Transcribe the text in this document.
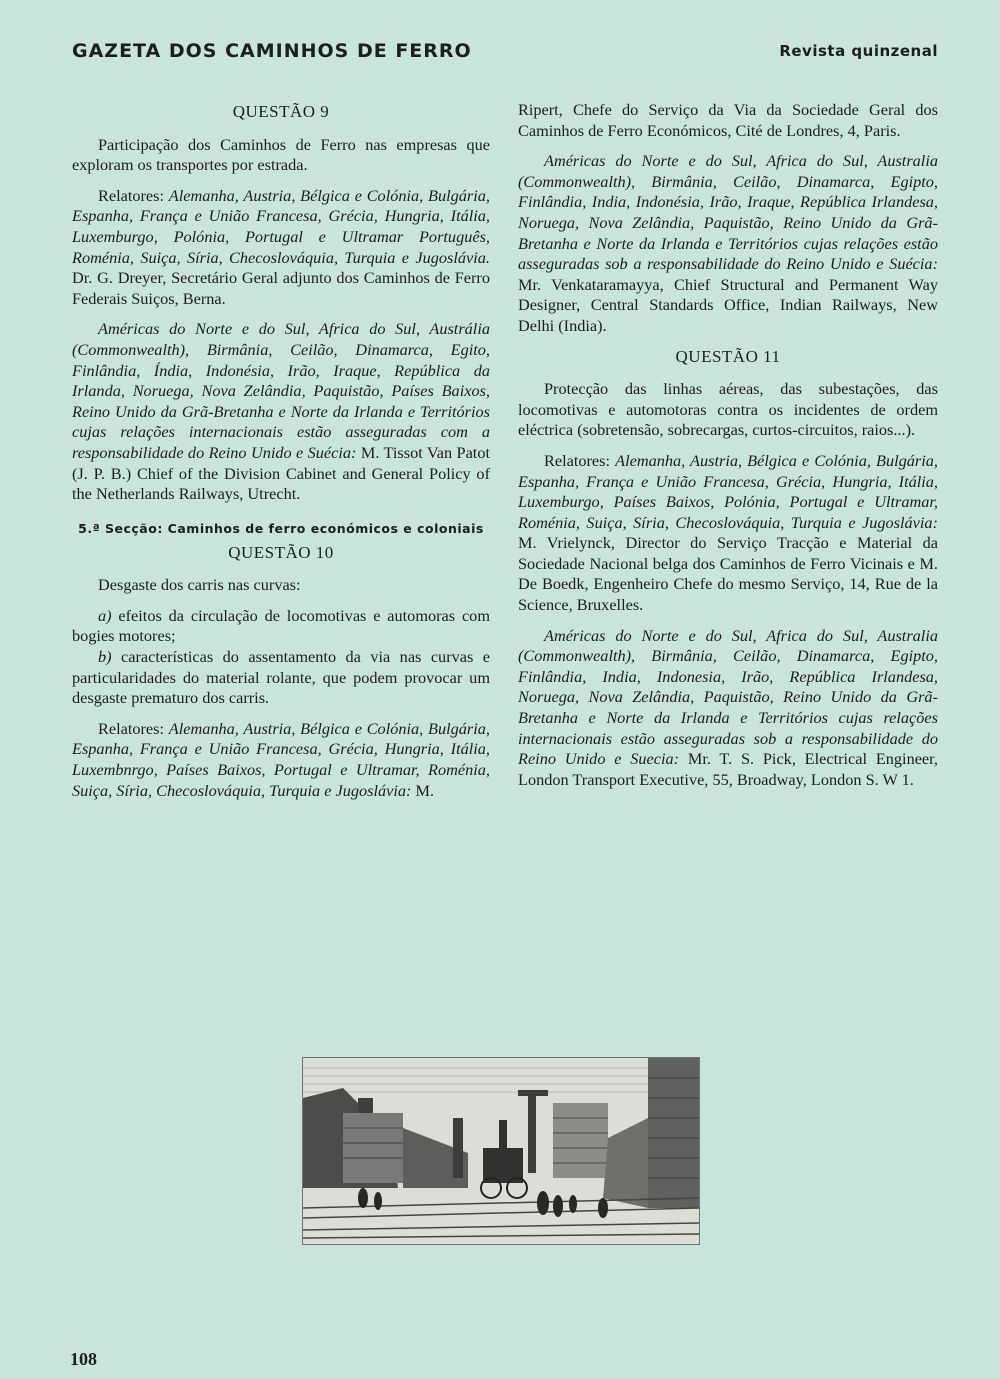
GAZETA DOS CAMINHOS DE FERRO	Revista quinzenal
QUESTÃO 9

Participação dos Caminhos de Ferro nas empresas que exploram os transportes por estrada.

Relatores: Alemanha, Austria, Bélgica e Colónia, Bulgária, Espanha, França e União Francesa, Grécia, Hungria, Itália, Luxemburgo, Polónia, Portugal e Ultramar Português, Roménia, Suiça, Síria, Checoslováquia, Turquia e Jugoslávia. Dr. G. Dreyer, Secretário Geral adjunto dos Caminhos de Ferro Federais Suiços, Berna.

Américas do Norte e do Sul, Africa do Sul, Austrália (Commonwealth), Birmânia, Ceilão, Dinamarca, Egito, Finlândia, Índia, Indonésia, Irão, Iraque, República da Irlanda, Noruega, Nova Zelândia, Paquistão, Países Baixos, Reino Unido da Grã-Bretanha e Norte da Irlanda e Territórios cujas relações internacionais estão asseguradas com a responsabilidade do Reino Unido e Suécia: M. Tissot Van Patot (J. P. B.) Chief of the Division Cabinet and General Policy of the Netherlands Railways, Utrecht.

5.ª Secção: Caminhos de ferro económicos e coloniais
QUESTÃO 10

Desgaste dos carris nas curvas:

a) efeitos da circulação de locomotivas e automoras com bogies motores;

b) características do assentamento da via nas curvas e particularidades do material rolante, que podem provocar um desgaste prematuro dos carris.

Relatores: Alemanha, Austria, Bélgica e Colónia, Bulgária, Espanha, França e União Francesa, Grécia, Hungria, Itália, Luxembnrgo, Países Baixos, Portugal e Ultramar, Roménia, Suiça, Síria, Checoslováquia, Turquia e Jugoslávia: M.

Ripert, Chefe do Serviço da Via da Sociedade Geral dos Caminhos de Ferro Económicos, Cité de Londres, 4, Paris.

Américas do Norte e do Sul, Africa do Sul, Australia (Commonwealth), Birmânia, Ceilão, Dinamarca, Egipto, Finlândia, India, Indonésia, Irão, Iraque, República Irlandesa, Noruega, Nova Zelândia, Paquistão, Reino Unido da Grã-Bretanha e Norte da Irlanda e Territórios cujas relações estão asseguradas sob a responsabilidade do Reino Unido e Suécia: Mr. Venkataramayya, Chief Structural and Permanent Way Designer, Central Standards Office, Indian Railways, New Delhi (India).

QUESTÃO 11

Protecção das linhas aéreas, das subestações, das locomotivas e automotoras contra os incidentes de ordem eléctrica (sobretensão, sobrecargas, curtos-circuitos, raios...).

Relatores: Alemanha, Austria, Bélgica e Colónia, Bulgária, Espanha, França e União Francesa, Grécia, Hungria, Itália, Luxemburgo, Países Baixos, Polónia, Portugal e Ultramar, Roménia, Suiça, Síria, Checoslováquia, Turquia e Jugoslávia: M. Vrielynck, Director do Serviço Tracção e Material da Sociedade Nacional belga dos Caminhos de Ferro Vicinais e M. De Boedk, Engenheiro Chefe do mesmo Serviço, 14, Rue de la Science, Bruxelles.

Américas do Norte e do Sul, Africa do Sul, Australia (Commonwealth), Birmânia, Ceilão, Dinamarca, Egipto, Finlândia, India, Indonesia, Irão, República Irlandesa, Noruega, Nova Zelândia, Paquistão, Reino Unido da Grã-Bretanha e Norte da Irlanda e Territórios cujas relações internacionais estão asseguradas sob a responsabilidade do Reino Unido e Suecia: Mr. T. S. Pick, Electrical Engineer, London Transport Executive, 55, Broadway, London S. W 1.

108
